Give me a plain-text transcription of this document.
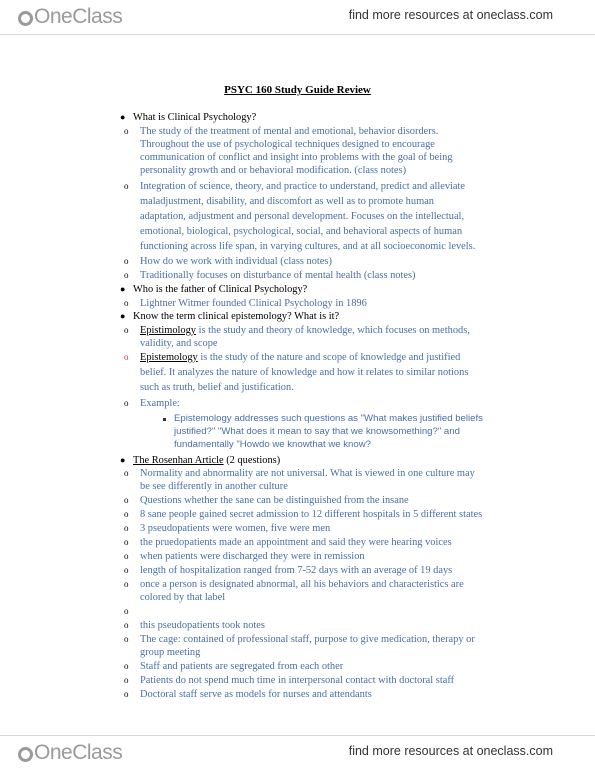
OneClass	find more resources at oneclass.com
PSYC 160 Study Guide Review
● What is Clinical Psychology?
o The study of the treatment of mental and emotional, behavior disorders.
Throughout the use of psychological techniques designed to encourage
communication of conflict and insight into problems with the goal of being
personality growth and or behavioral modification. (class notes)
o Integration of science, theory, and practice to understand, predict and alleviate
maladjustment, disability, and discomfort as well as to promote human
adaptation, adjustment and personal development. Focuses on the intellectual,
emotional, biological, psychological, social, and behavioral aspects of human
functioning across life span, in varying cultures, and at all socioeconomic levels.
o How do we work with individual (class notes)
o Traditionally focuses on disturbance of mental health (class notes)
● Who is the father of Clinical Psychology?
o Lightner Witmer founded Clinical Psychology in 1896
● Know the term clinical epistemology? What is it?
o Epistimology is the study and theory of knowledge, which focuses on methods,
validity, and scope
o Epistemology is the study of the nature and scope of knowledge and justified
belief. It analyzes the nature of knowledge and how it relates to similar notions
such as truth, belief and justification.
o Example:
Epistemology addresses such questions as "What makes justified beliefs
justified?" "What does it mean to say that we knowsomething?" and
fundamentally "Howdo we knowthat we know?
● The Rosenhan Article (2 questions)
o Normality and abnormality are not universal. What is viewed in one culture may
be see differently in another culture
o Questions whether the sane can be distinguished from the insane
o 8 sane people gained secret admission to 12 different hospitals in 5 different states
o 3 pseudopatients were women, five were men
o the pruedopatients made an appointment and said they were hearing voices
o when patients were discharged they were in remission
o length of hospitalization ranged from 7-52 days with an average of 19 days
o once a person is designated abnormal, all his behaviors and characteristics are
colored by that label
o
o this pseudopatients took notes
o The cage: contained of professional staff, purpose to give medication, therapy or
group meeting
o Staff and patients are segregated from each other
o Patients do not spend much time in interpersonal contact with doctoral staff
o Doctoral staff serve as models for nurses and attendants
OneClass	find more resources at oneclass.com
